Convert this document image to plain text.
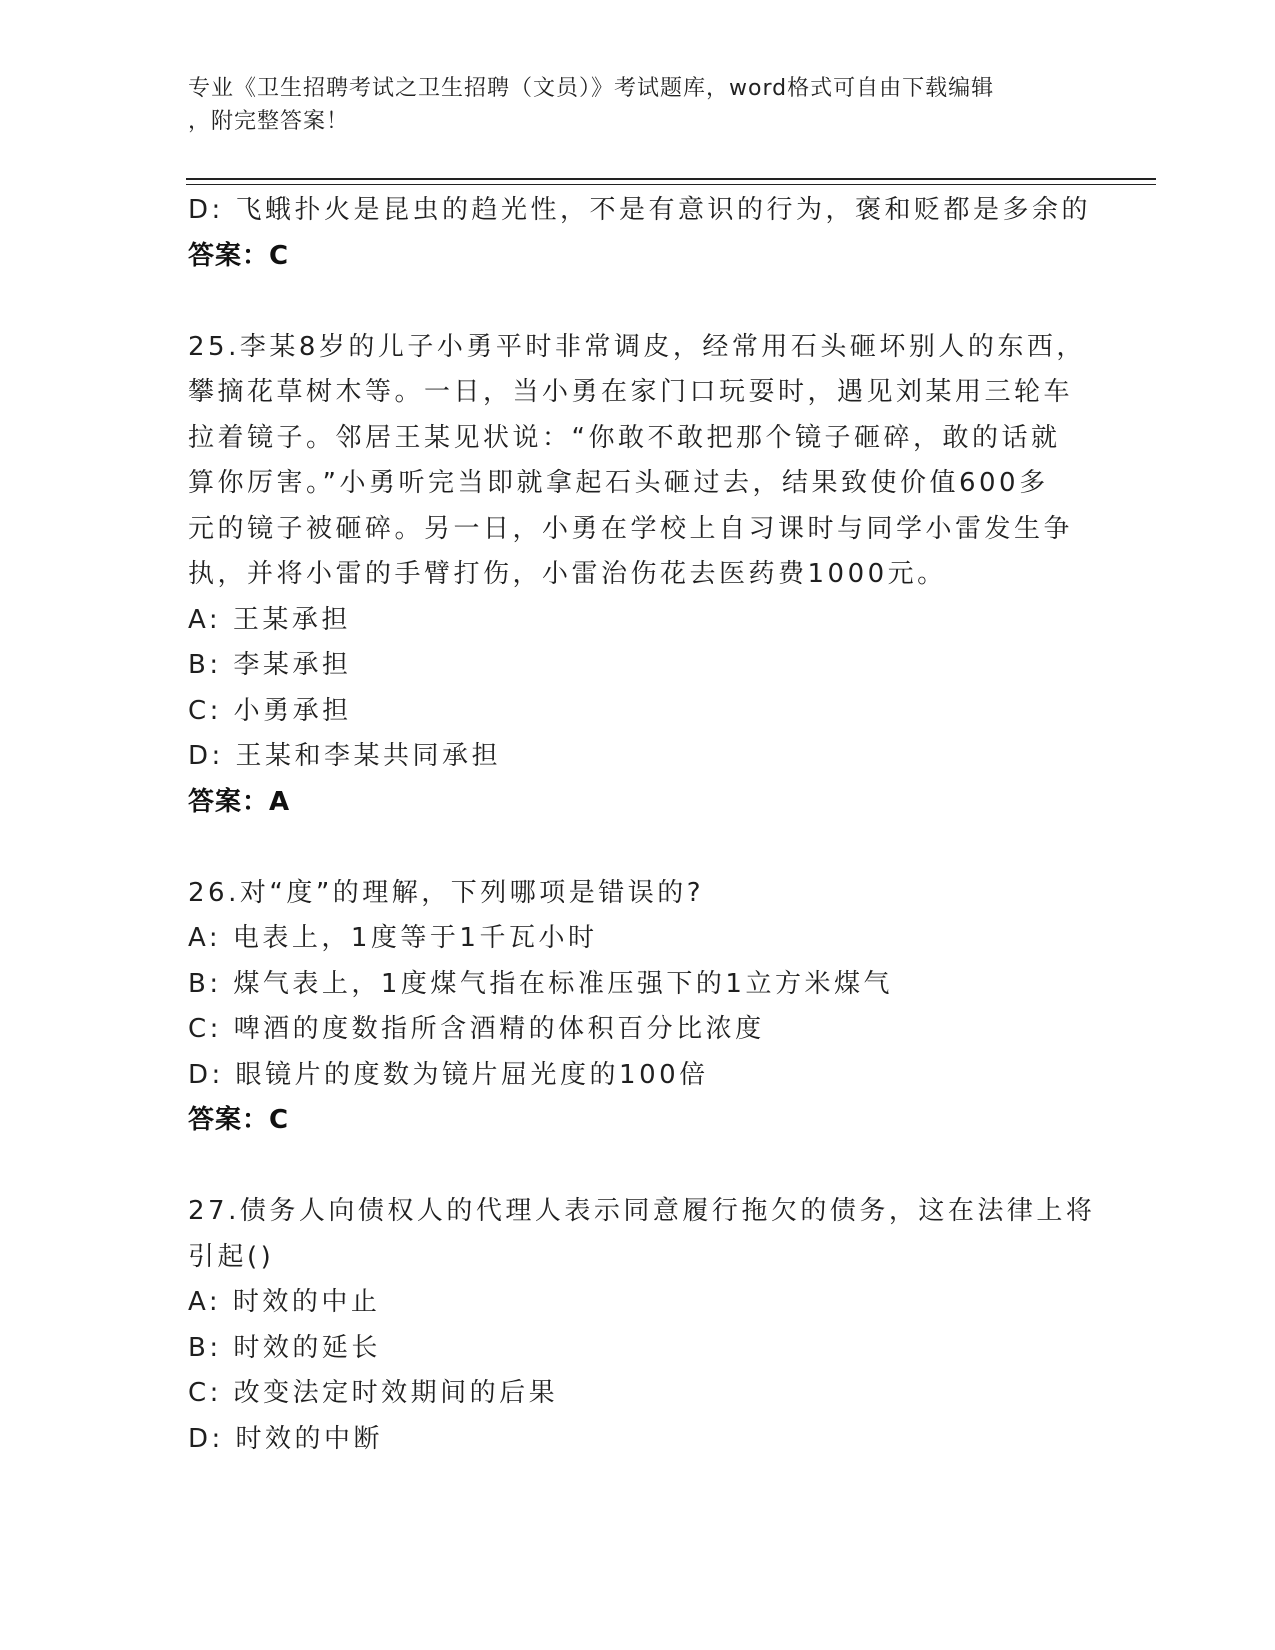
专业《卫生招聘考试之卫生招聘（文员）》考试题库，word格式可自由下载编辑
，附完整答案！
D: 飞蛾扑火是昆虫的趋光性，不是有意识的行为，褒和贬都是多余的
答案：C
25.李某8岁的儿子小勇平时非常调皮，经常用石头砸坏别人的东西，
攀摘花草树木等。一日，当小勇在家门口玩耍时，遇见刘某用三轮车
拉着镜子。邻居王某见状说：“你敢不敢把那个镜子砸碎，敢的话就
算你厉害。”小勇听完当即就拿起石头砸过去，结果致使价值600多
元的镜子被砸碎。另一日，小勇在学校上自习课时与同学小雷发生争
执，并将小雷的手臂打伤，小雷治伤花去医药费1000元。
A: 王某承担
B: 李某承担
C: 小勇承担
D: 王某和李某共同承担
答案：A
26.对“度”的理解，下列哪项是错误的?
A: 电表上，1度等于1千瓦小时
B: 煤气表上，1度煤气指在标准压强下的1立方米煤气
C: 啤酒的度数指所含酒精的体积百分比浓度
D: 眼镜片的度数为镜片屈光度的100倍
答案：C
27.债务人向债权人的代理人表示同意履行拖欠的债务，这在法律上将
引起()
A: 时效的中止
B: 时效的延长
C: 改变法定时效期间的后果
D: 时效的中断
